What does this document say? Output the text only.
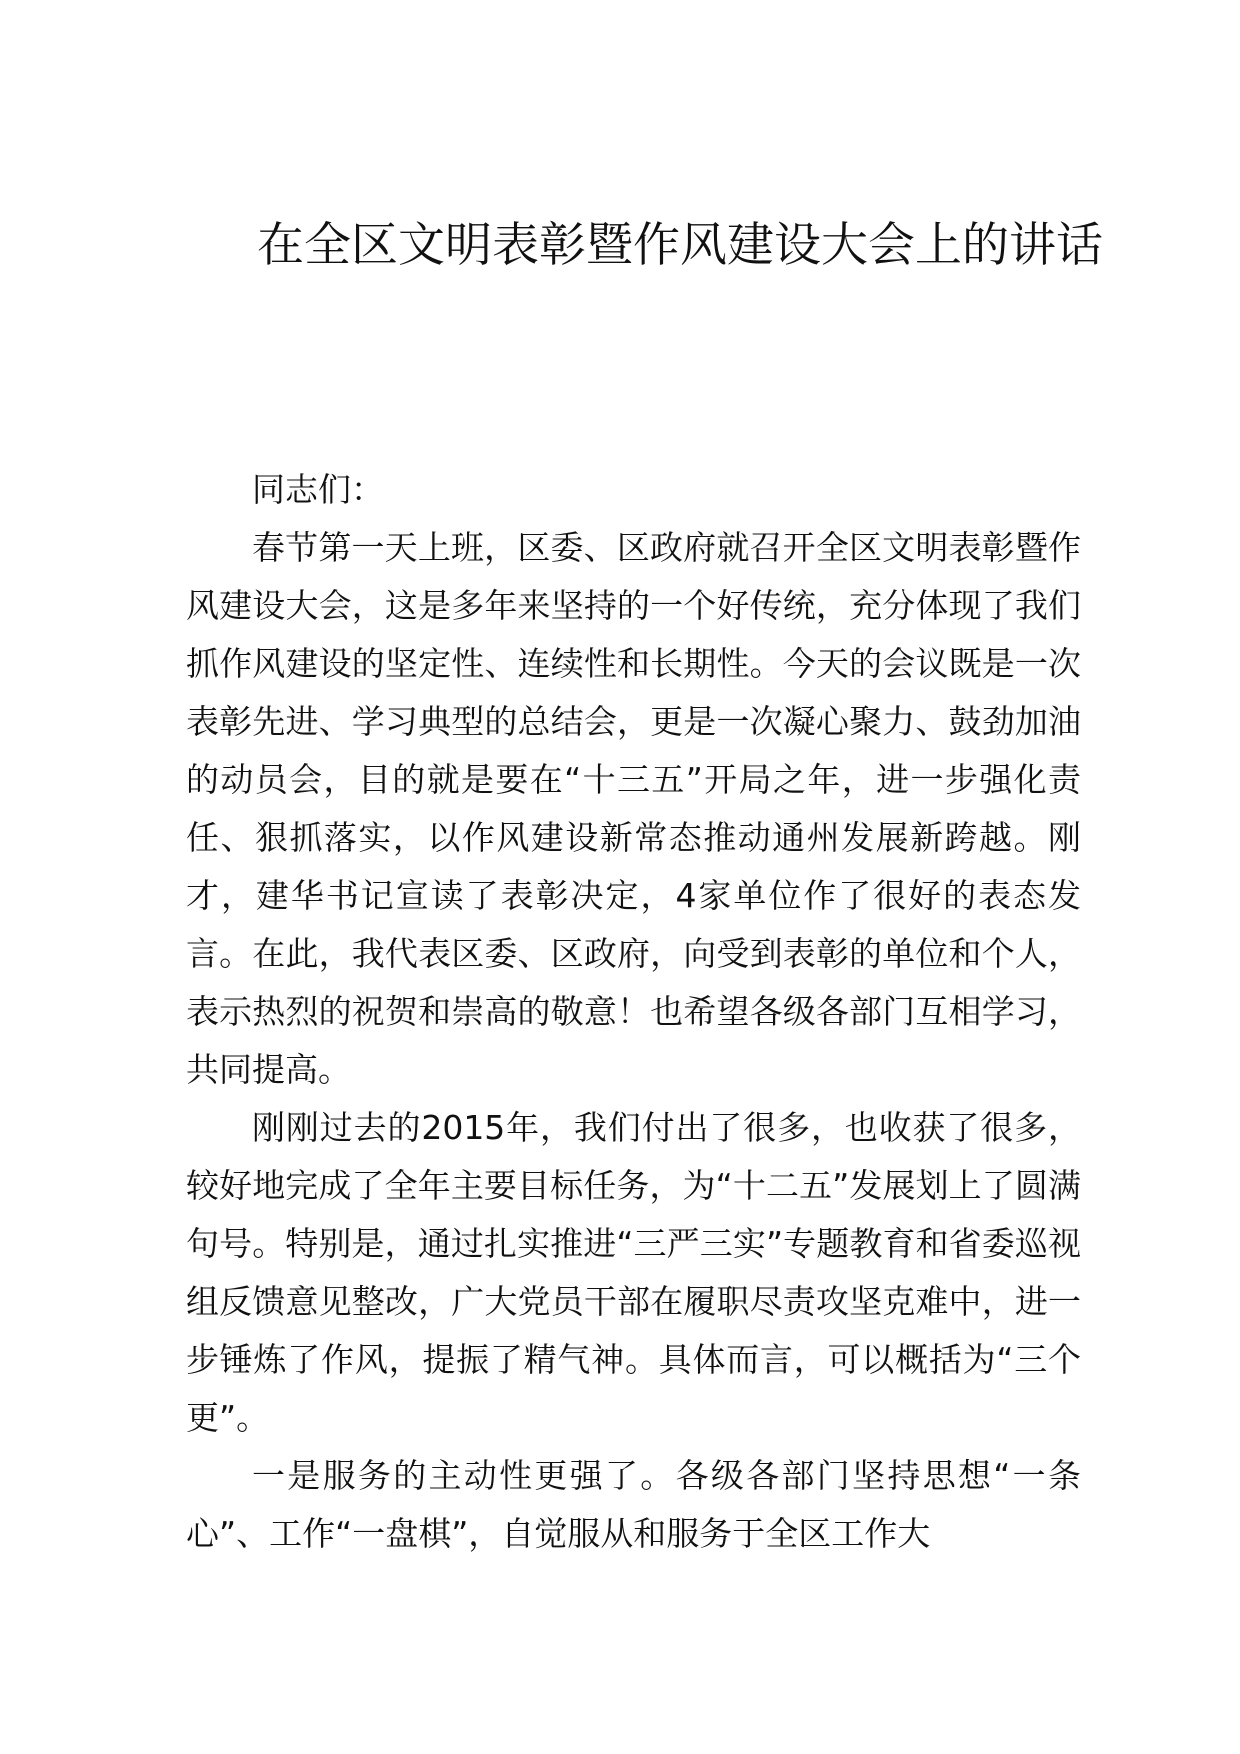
在全区文明表彰暨作风建设大会上的讲话

同志们：

春节第一天上班，区委、区政府就召开全区文明表彰暨作风建设大会，这是多年来坚持的一个好传统，充分体现了我们抓作风建设的坚定性、连续性和长期性。今天的会议既是一次表彰先进、学习典型的总结会，更是一次凝心聚力、鼓劲加油的动员会，目的就是要在“十三五”开局之年，进一步强化责任、狠抓落实，以作风建设新常态推动通州发展新跨越。刚才，建华书记宣读了表彰决定，4家单位作了很好的表态发言。在此，我代表区委、区政府，向受到表彰的单位和个人，表示热烈的祝贺和崇高的敬意！也希望各级各部门互相学习，共同提高。

刚刚过去的2015年，我们付出了很多，也收获了很多，较好地完成了全年主要目标任务，为“十二五”发展划上了圆满句号。特别是，通过扎实推进“三严三实”专题教育和省委巡视组反馈意见整改，广大党员干部在履职尽责攻坚克难中，进一步锤炼了作风，提振了精气神。具体而言，可以概括为“三个更”。

一是服务的主动性更强了。各级各部门坚持思想“一条心”、工作“一盘棋”，自觉服从和服务于全区工作大
